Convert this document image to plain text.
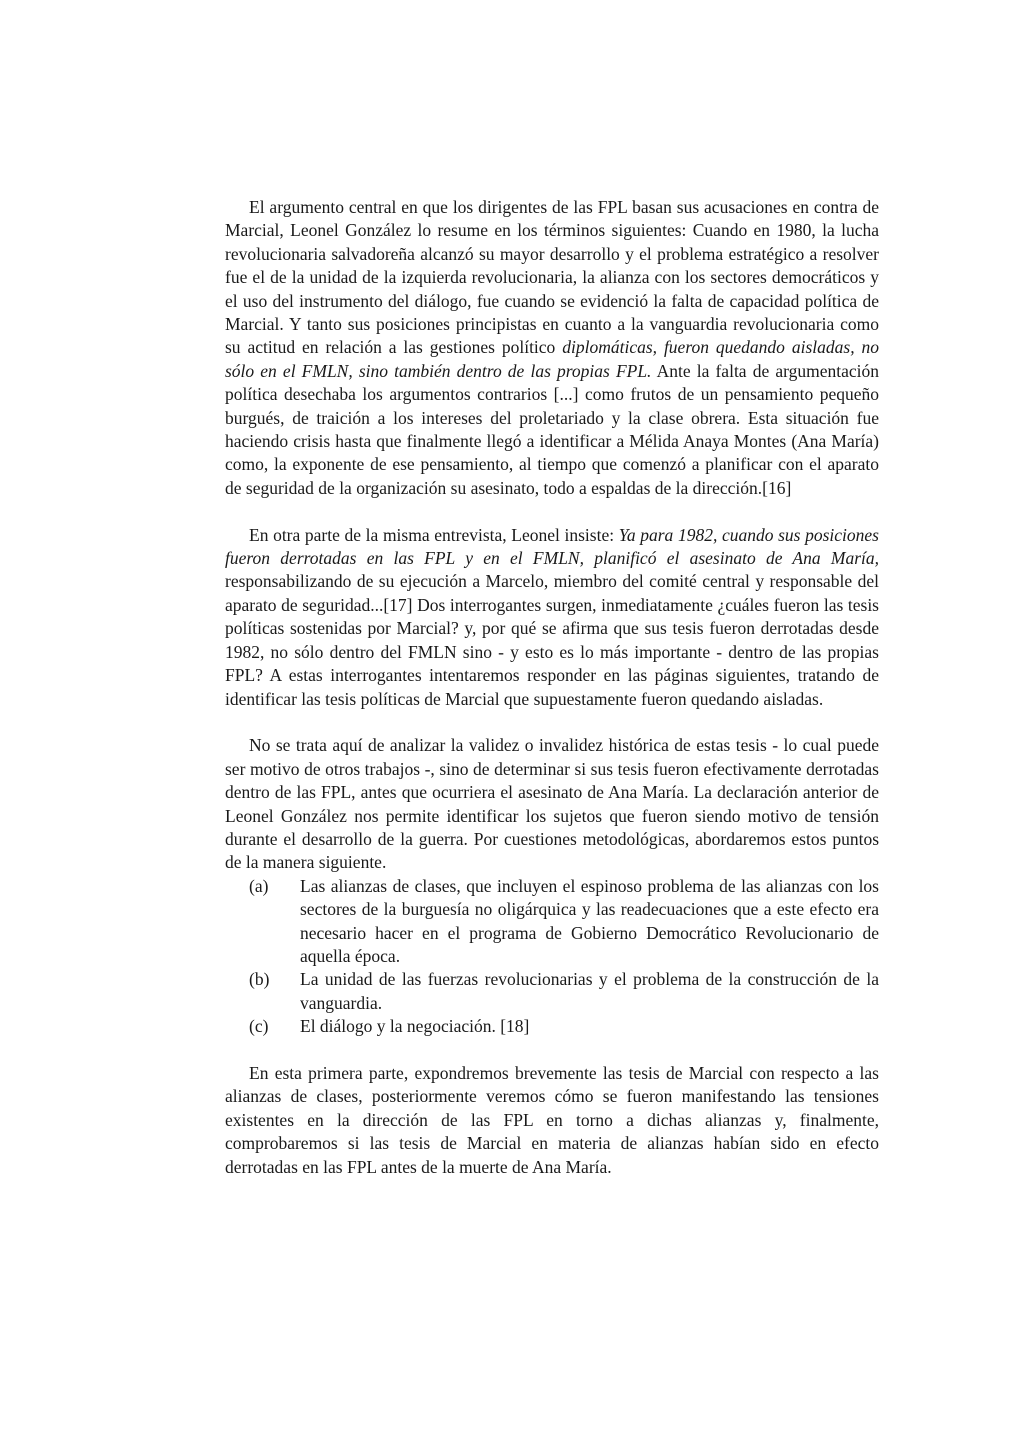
El argumento central en que los dirigentes de las FPL basan sus acusaciones en contra de Marcial, Leonel González lo resume en los términos siguientes: Cuando en 1980, la lucha revolucionaria salvadoreña alcanzó su mayor desarrollo y el problema estratégico a resolver fue el de la unidad de la izquierda revolucionaria, la alianza con los sectores democráticos y el uso del instrumento del diálogo, fue cuando se evidenció la falta de capacidad política de Marcial. Y tanto sus posiciones principistas en cuanto a la vanguardia revolucionaria como su actitud en relación a las gestiones político diplomáticas, fueron quedando aisladas, no sólo en el FMLN, sino también dentro de las propias FPL. Ante la falta de argumentación política desechaba los argumentos contrarios [...] como frutos de un pensamiento pequeño burgués, de traición a los intereses del proletariado y la clase obrera. Esta situación fue haciendo crisis hasta que finalmente llegó a identificar a Mélida Anaya Montes (Ana María) como, la exponente de ese pensamiento, al tiempo que comenzó a planificar con el aparato de seguridad de la organización su asesinato, todo a espaldas de la dirección.[16]

En otra parte de la misma entrevista, Leonel insiste: Ya para 1982, cuando sus posiciones fueron derrotadas en las FPL y en el FMLN, planificó el asesinato de Ana María, responsabilizando de su ejecución a Marcelo, miembro del comité central y responsable del aparato de seguridad...[17] Dos interrogantes surgen, inmediatamente ¿cuáles fueron las tesis políticas sostenidas por Marcial? y, por qué se afirma que sus tesis fueron derrotadas desde 1982, no sólo dentro del FMLN sino - y esto es lo más importante - dentro de las propias FPL? A estas interrogantes intentaremos responder en las páginas siguientes, tratando de identificar las tesis políticas de Marcial que supuestamente fueron quedando aisladas.

No se trata aquí de analizar la validez o invalidez histórica de estas tesis - lo cual puede ser motivo de otros trabajos -, sino de determinar si sus tesis fueron efectivamente derrotadas dentro de las FPL, antes que ocurriera el asesinato de Ana María. La declaración anterior de Leonel González nos permite identificar los sujetos que fueron siendo motivo de tensión durante el desarrollo de la guerra. Por cuestiones metodológicas, abordaremos estos puntos de la manera siguiente.

(a)	Las alianzas de clases, que incluyen el espinoso problema de las alianzas con los sectores de la burguesía no oligárquica y las readecuaciones que a este efecto era necesario hacer en el programa de Gobierno Democrático Revolucionario de aquella época.
(b)	La unidad de las fuerzas revolucionarias y el problema de la construcción de la vanguardia.
(c)	El diálogo y la negociación. [18]

En esta primera parte, expondremos brevemente las tesis de Marcial con respecto a las alianzas de clases, posteriormente veremos cómo se fueron manifestando las tensiones existentes en la dirección de las FPL en torno a dichas alianzas y, finalmente, comprobaremos si las tesis de Marcial en materia de alianzas habían sido en efecto derrotadas en las FPL antes de la muerte de Ana María.
